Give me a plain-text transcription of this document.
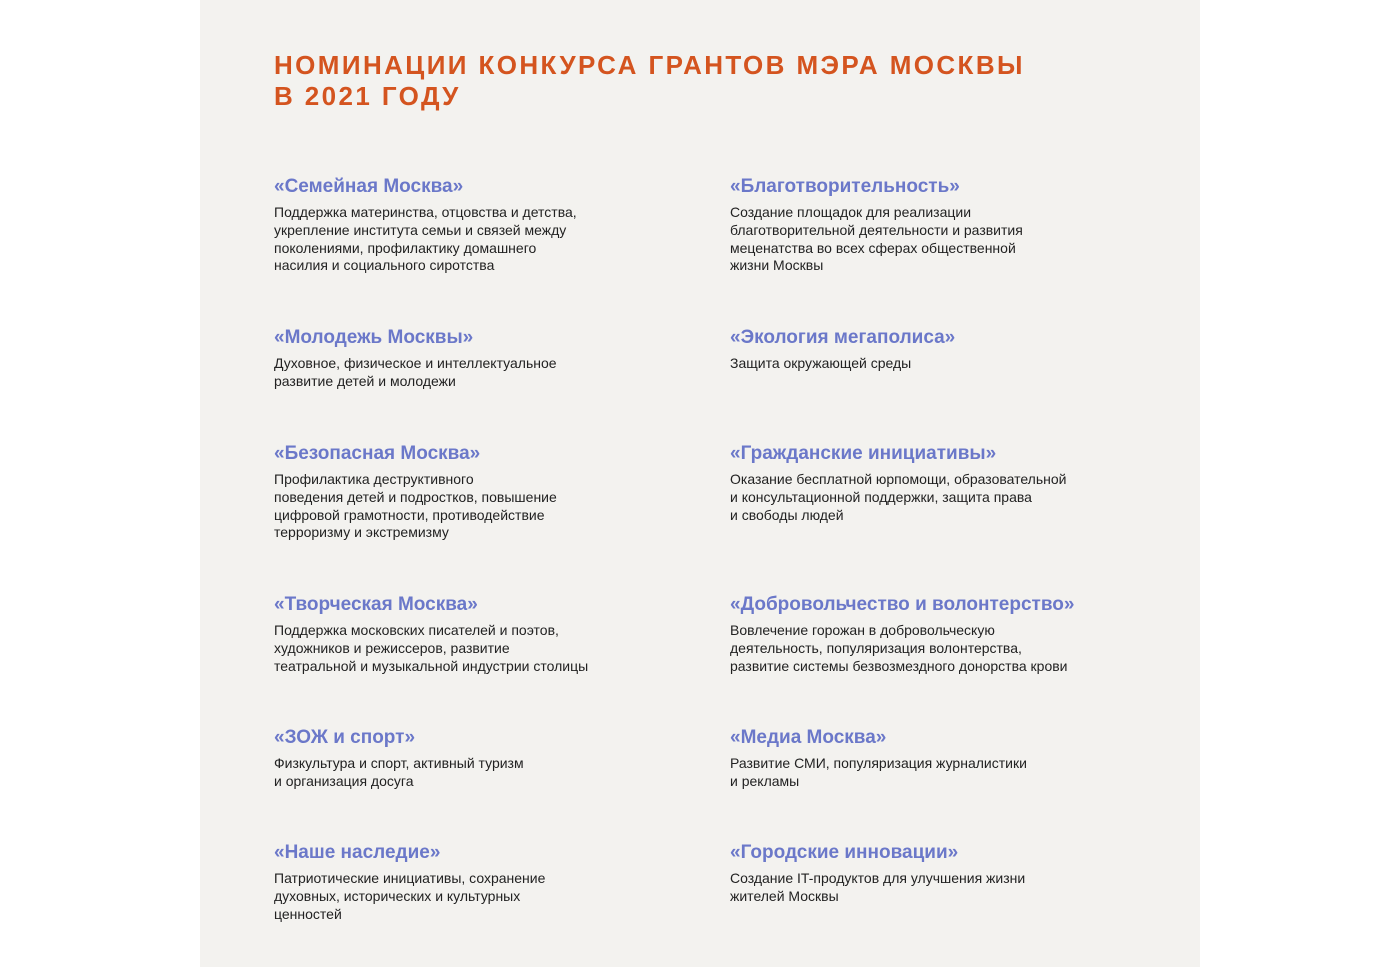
НОМИНАЦИИ КОНКУРСА ГРАНТОВ МЭРА МОСКВЫ
В 2021 ГОДУ
«Семейная Москва»

Поддержка материнства, отцовства и детства,
укрепление института семьи и связей между
поколениями, профилактику домашнего
насилия и социального сиротства

«Благотворительность»

Создание площадок для реализации
благотворительной деятельности и развития
меценатства во всех сферах общественной
жизни Москвы

«Молодежь Москвы»

Духовное, физическое и интеллектуальное
развитие детей и молодежи

«Экология мегаполиса»

Защита окружающей среды

«Безопасная Москва»

Профилактика деструктивного
поведения детей и подростков, повышение
цифровой грамотности, противодействие
терроризму и экстремизму

«Гражданские инициативы»

Оказание бесплатной юрпомощи, образовательной
и консультационной поддержки, защита права
и свободы людей

«Творческая Москва»

Поддержка московских писателей и поэтов,
художников и режиссеров, развитие
театральной и музыкальной индустрии столицы

«Добровольчество и волонтерство»

Вовлечение горожан в добровольческую
деятельность, популяризация волонтерства,
развитие системы безвозмездного донорства крови

«ЗОЖ и спорт»

Физкультура и спорт, активный туризм
и организация досуга

«Медиа Москва»

Развитие СМИ, популяризация журналистики
и рекламы

«Наше наследие»

Патриотические инициативы, сохранение
духовных, исторических и культурных
ценностей

«Городские инновации»

Создание IT-продуктов для улучшения жизни
жителей Москвы
